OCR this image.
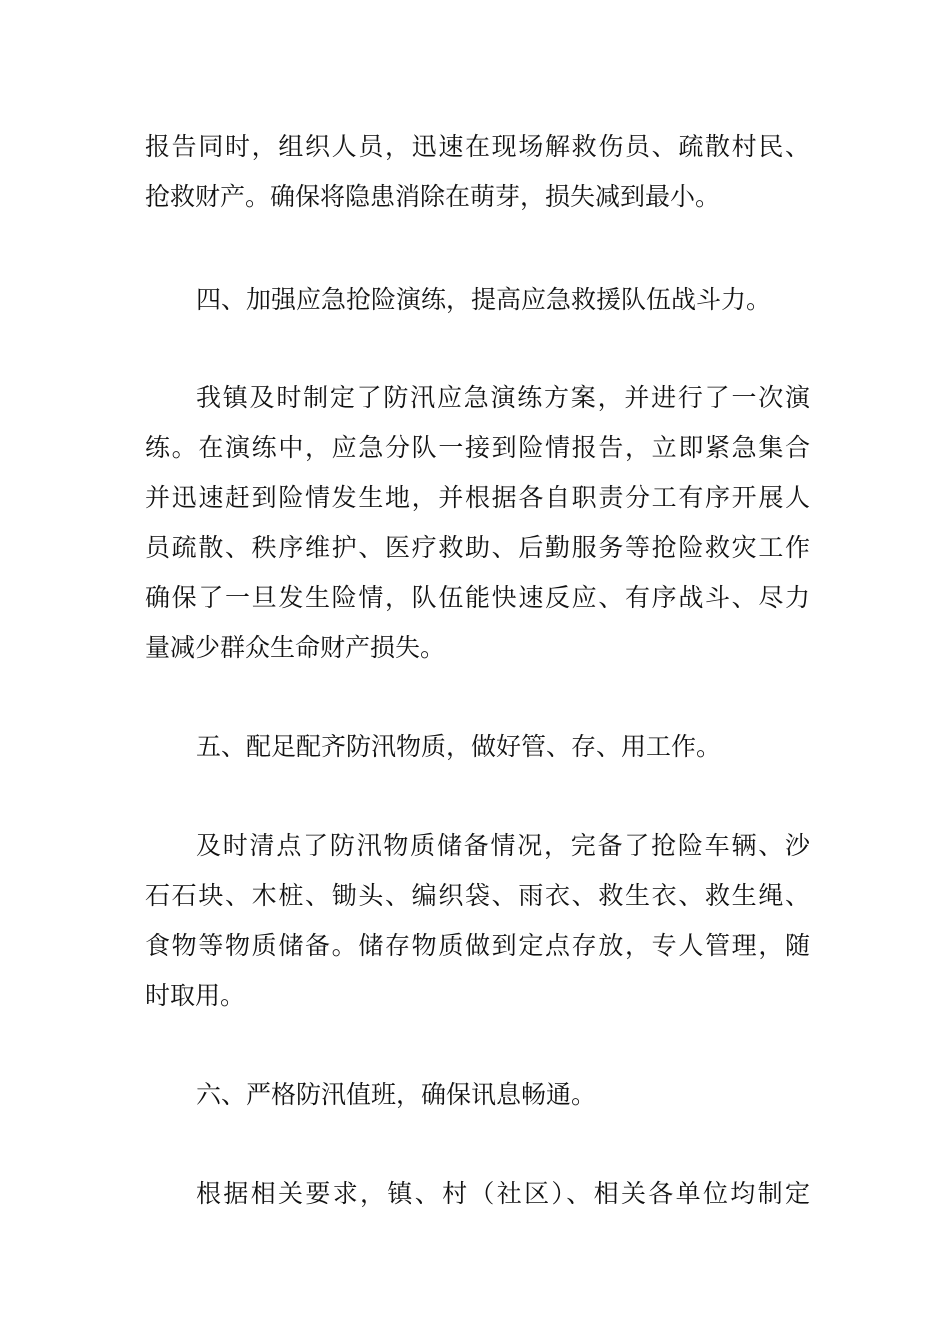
报告同时，组织人员，迅速在现场解救伤员、疏散村民、
抢救财产。确保将隐患消除在萌芽，损失减到最小。
四、加强应急抢险演练，提高应急救援队伍战斗力。
我镇及时制定了防汛应急演练方案，并进行了一次演
练。在演练中，应急分队一接到险情报告，立即紧急集合
并迅速赶到险情发生地，并根据各自职责分工有序开展人
员疏散、秩序维护、医疗救助、后勤服务等抢险救灾工作
确保了一旦发生险情，队伍能快速反应、有序战斗、尽力
量减少群众生命财产损失。
五、配足配齐防汛物质，做好管、存、用工作。
及时清点了防汛物质储备情况，完备了抢险车辆、沙
石石块、木桩、锄头、编织袋、雨衣、救生衣、救生绳、
食物等物质储备。储存物质做到定点存放，专人管理，随
时取用。
六、严格防汛值班，确保讯息畅通。
根据相关要求，镇、村（社区）、相关各单位均制定
